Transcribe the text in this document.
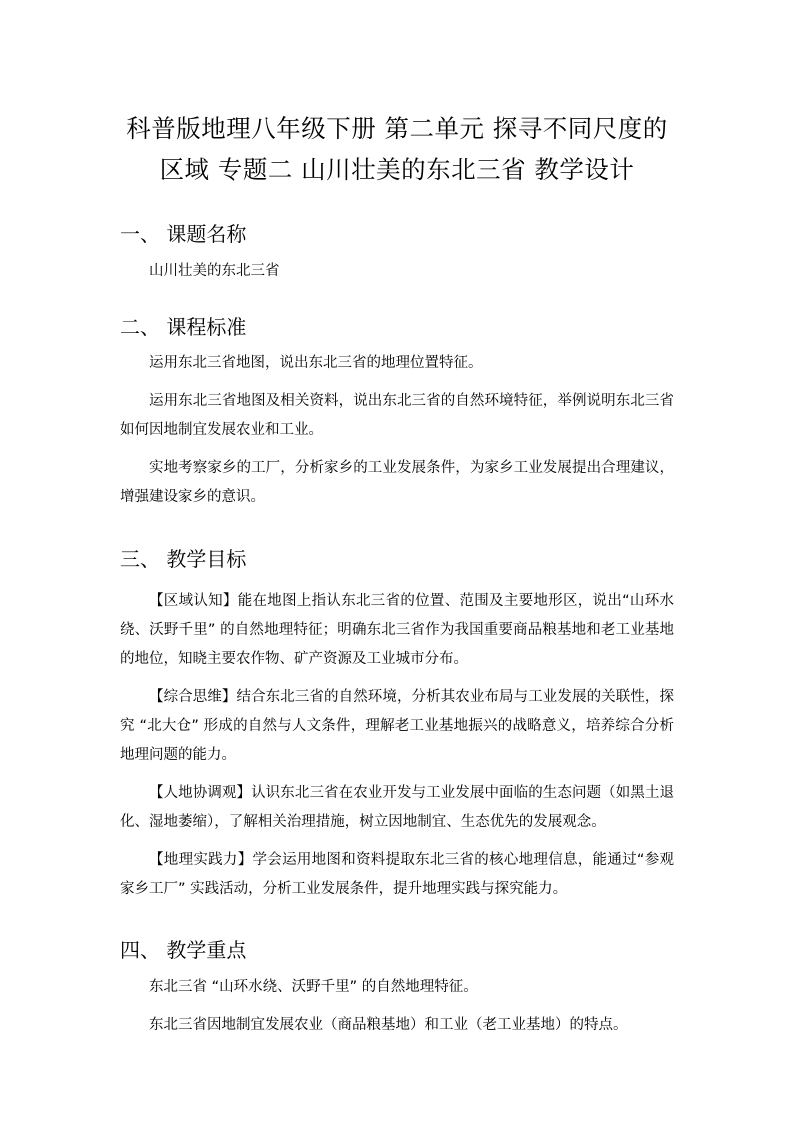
科普版地理八年级下册 第二单元 探寻不同尺度的区域 专题二 山川壮美的东北三省 教学设计
一、 课题名称

山川壮美的东北三省

二、 课程标准

运用东北三省地图，说出东北三省的地理位置特征。

运用东北三省地图及相关资料，说出东北三省的自然环境特征，举例说明东北三省如何因地制宜发展农业和工业。

实地考察家乡的工厂，分析家乡的工业发展条件，为家乡工业发展提出合理建议，增强建设家乡的意识。

三、 教学目标

【区域认知】能在地图上指认东北三省的位置、范围及主要地形区，说出“山环水绕、沃野千里” 的自然地理特征；明确东北三省作为我国重要商品粮基地和老工业基地的地位，知晓主要农作物、矿产资源及工业城市分布。

【综合思维】结合东北三省的自然环境，分析其农业布局与工业发展的关联性，探究 “北大仓” 形成的自然与人文条件，理解老工业基地振兴的战略意义，培养综合分析地理问题的能力。

【人地协调观】认识东北三省在农业开发与工业发展中面临的生态问题（如黑土退化、湿地萎缩），了解相关治理措施，树立因地制宜、生态优先的发展观念。

【地理实践力】学会运用地图和资料提取东北三省的核心地理信息，能通过“参观家乡工厂” 实践活动，分析工业发展条件，提升地理实践与探究能力。

四、 教学重点

东北三省 “山环水绕、沃野千里” 的自然地理特征。

东北三省因地制宜发展农业（商品粮基地）和工业（老工业基地）的特点。
